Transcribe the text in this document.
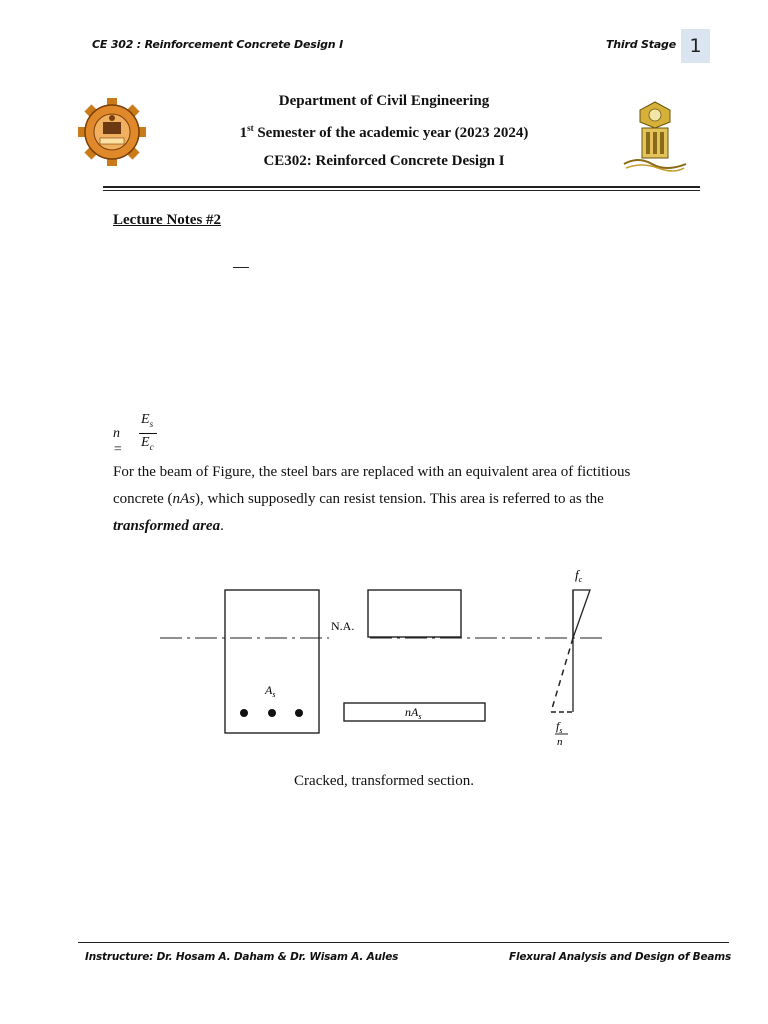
CE 302 : Reinforcement Concrete Design I	Third Stage 1
Department of Civil Engineering
1st Semester of the academic year (2023 2024)
CE302: Reinforced Concrete Design I
Lecture Notes #2
n =
$E_s$
$E_c$
For the beam of Figure, the steel bars are replaced with an equivalent area of fictitious
concrete (nAs), which supposedly can resist tension. This area is referred to as the
transformed area.
$A_s$
N.A.
$nA_s$
$f_c$
$f_s$
n
Cracked, transformed section.
Instructure: Dr. Hosam A. Daham & Dr. Wisam A. Aules	Flexural Analysis and Design of Beams
